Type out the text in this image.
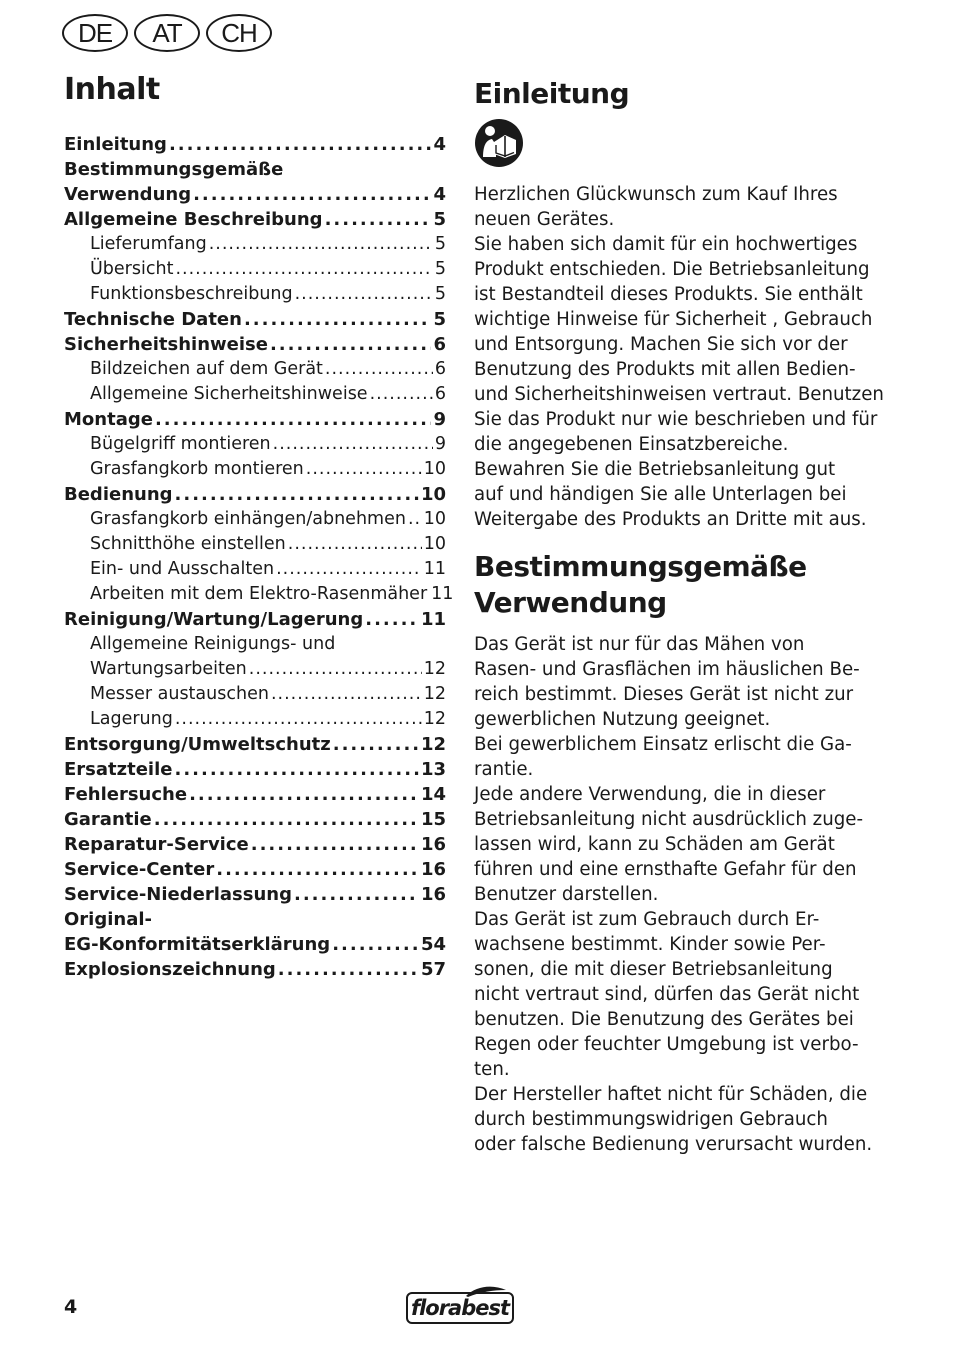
DE	AT	CH
Inhalt
Einleitung .....	4
Bestimmungsgemäße
Verwendung .....	4
Allgemeine Beschreibung .....	5
Lieferumfang .....	5
Übersicht .....	5
Funktionsbeschreibung .....	5
Technische Daten .....	5
Sicherheitshinweise .....	6
Bildzeichen auf dem Gerät .....	6
Allgemeine Sicherheitshinweise .....	6
Montage .....	9
Bügelgriff montieren .....	9
Grasfangkorb montieren .....	10
Bedienung .....	10
Grasfangkorb einhängen/abnehmen ..... 10
Schnitthöhe einstellen .....	10
Ein- und Ausschalten .....	11
Arbeiten mit dem Elektro-Rasenmäher 11
Reinigung/Wartung/Lagerung .....	11
Allgemeine Reinigungs- und
Wartungsarbeiten .....	12
Messer austauschen .....	12
Lagerung .....	12
Entsorgung/Umweltschutz .....	12
Ersatzteile .....	13
Fehlersuche .....	14
Garantie .....	15
Reparatur-Service .....	16
Service-Center .....	16
Service-Niederlassung .....	16
Original-
EG-Konformitätserklärung .....	54
Explosionszeichnung .....	57
Einleitung

Herzlichen Glückwunsch zum Kauf Ihres

neuen Gerätes.

Sie haben sich damit für ein hochwertiges

Produkt entschieden. Die Betriebsanleitung

ist Bestandteil dieses Produkts. Sie enthält

wichtige Hinweise für Sicherheit , Gebrauch

und Entsorgung. Machen Sie sich vor der

Benutzung des Produkts mit allen Bedien-

und Sicherheitshinweisen vertraut. Benutzen

Sie das Produkt nur wie beschrieben und für

die angegebenen Einsatzbereiche.

Bewahren Sie die Betriebsanleitung gut

auf und händigen Sie alle Unterlagen bei

Weitergabe des Produkts an Dritte mit aus.

Bestimmungsgemäße
Verwendung

Das Gerät ist nur für das Mähen von

Rasen- und Grasflächen im häuslichen Be-

reich bestimmt. Dieses Gerät ist nicht zur

gewerblichen Nutzung geeignet.

Bei gewerblichem Einsatz erlischt die Ga-

rantie.

Jede andere Verwendung, die in dieser

Betriebsanleitung nicht ausdrücklich zuge-

lassen wird, kann zu Schäden am Gerät

führen und eine ernsthafte Gefahr für den

Benutzer darstellen.

Das Gerät ist zum Gebrauch durch Er-

wachsene bestimmt. Kinder sowie Per-

sonen, die mit dieser Betriebsanleitung

nicht vertraut sind, dürfen das Gerät nicht

benutzen. Die Benutzung des Gerätes bei

Regen oder feuchter Umgebung ist verbo-

ten.

Der Hersteller haftet nicht für Schäden, die

durch bestimmungswidrigen Gebrauch

oder falsche Bedienung verursacht wurden.

4	florabest
